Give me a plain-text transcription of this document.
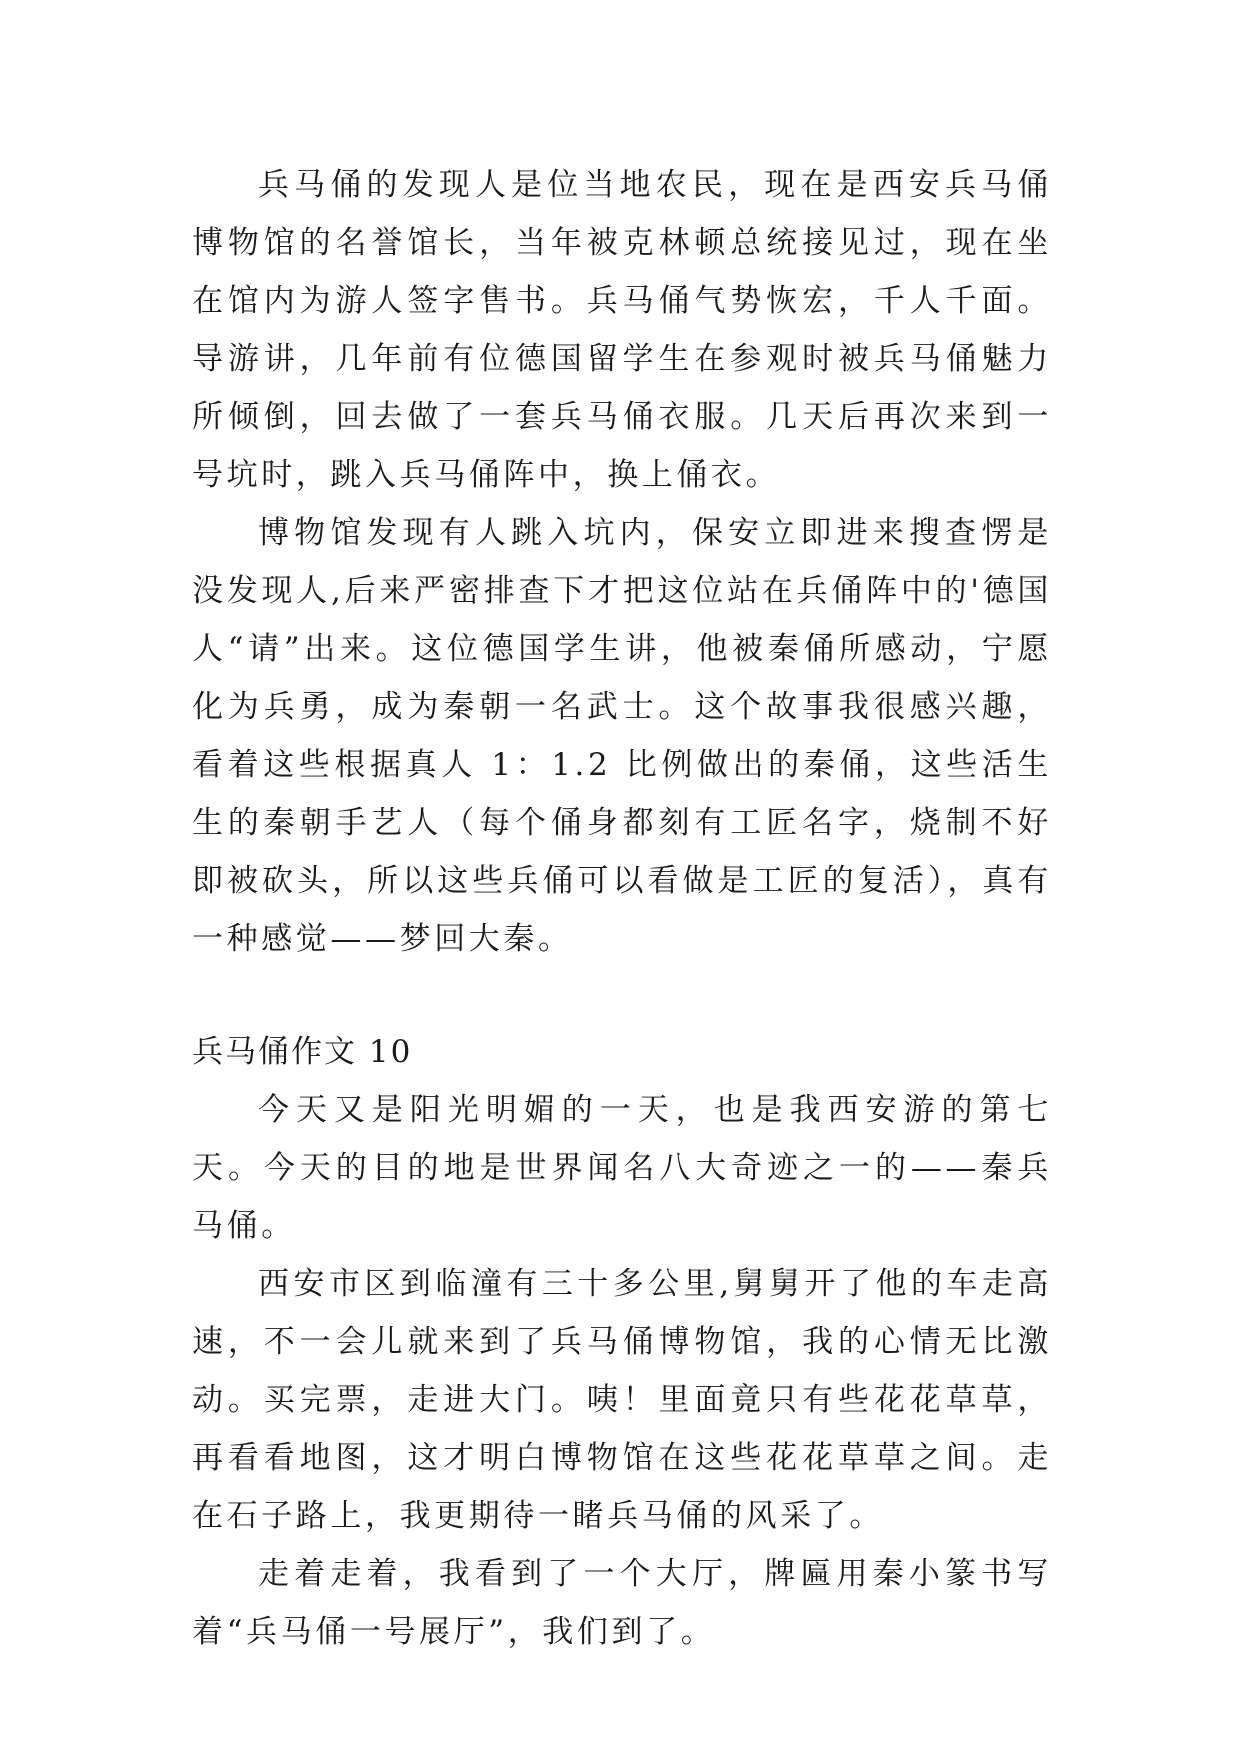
兵马俑的发现人是位当地农民，现在是西安兵马俑博物馆的名誉馆长，当年被克林顿总统接见过，现在坐在馆内为游人签字售书。兵马俑气势恢宏，千人千面。导游讲，几年前有位德国留学生在参观时被兵马俑魅力所倾倒，回去做了一套兵马俑衣服。几天后再次来到一号坑时，跳入兵马俑阵中，换上俑衣。

博物馆发现有人跳入坑内，保安立即进来搜查愣是没发现人,后来严密排查下才把这位站在兵俑阵中的'德国人“请”出来。这位德国学生讲，他被秦俑所感动，宁愿化为兵勇，成为秦朝一名武士。这个故事我很感兴趣，看着这些根据真人 1：1.2 比例做出的秦俑，这些活生生的秦朝手艺人（每个俑身都刻有工匠名字，烧制不好即被砍头，所以这些兵俑可以看做是工匠的复活），真有一种感觉——梦回大秦。

兵马俑作文 10

今天又是阳光明媚的一天，也是我西安游的第七天。今天的目的地是世界闻名八大奇迹之一的——秦兵马俑。

西安市区到临潼有三十多公里,舅舅开了他的车走高速，不一会儿就来到了兵马俑博物馆，我的心情无比激动。买完票，走进大门。咦！里面竟只有些花花草草，再看看地图，这才明白博物馆在这些花花草草之间。走在石子路上，我更期待一睹兵马俑的风采了。

走着走着，我看到了一个大厅，牌匾用秦小篆书写着“兵马俑一号展厅”，我们到了。
